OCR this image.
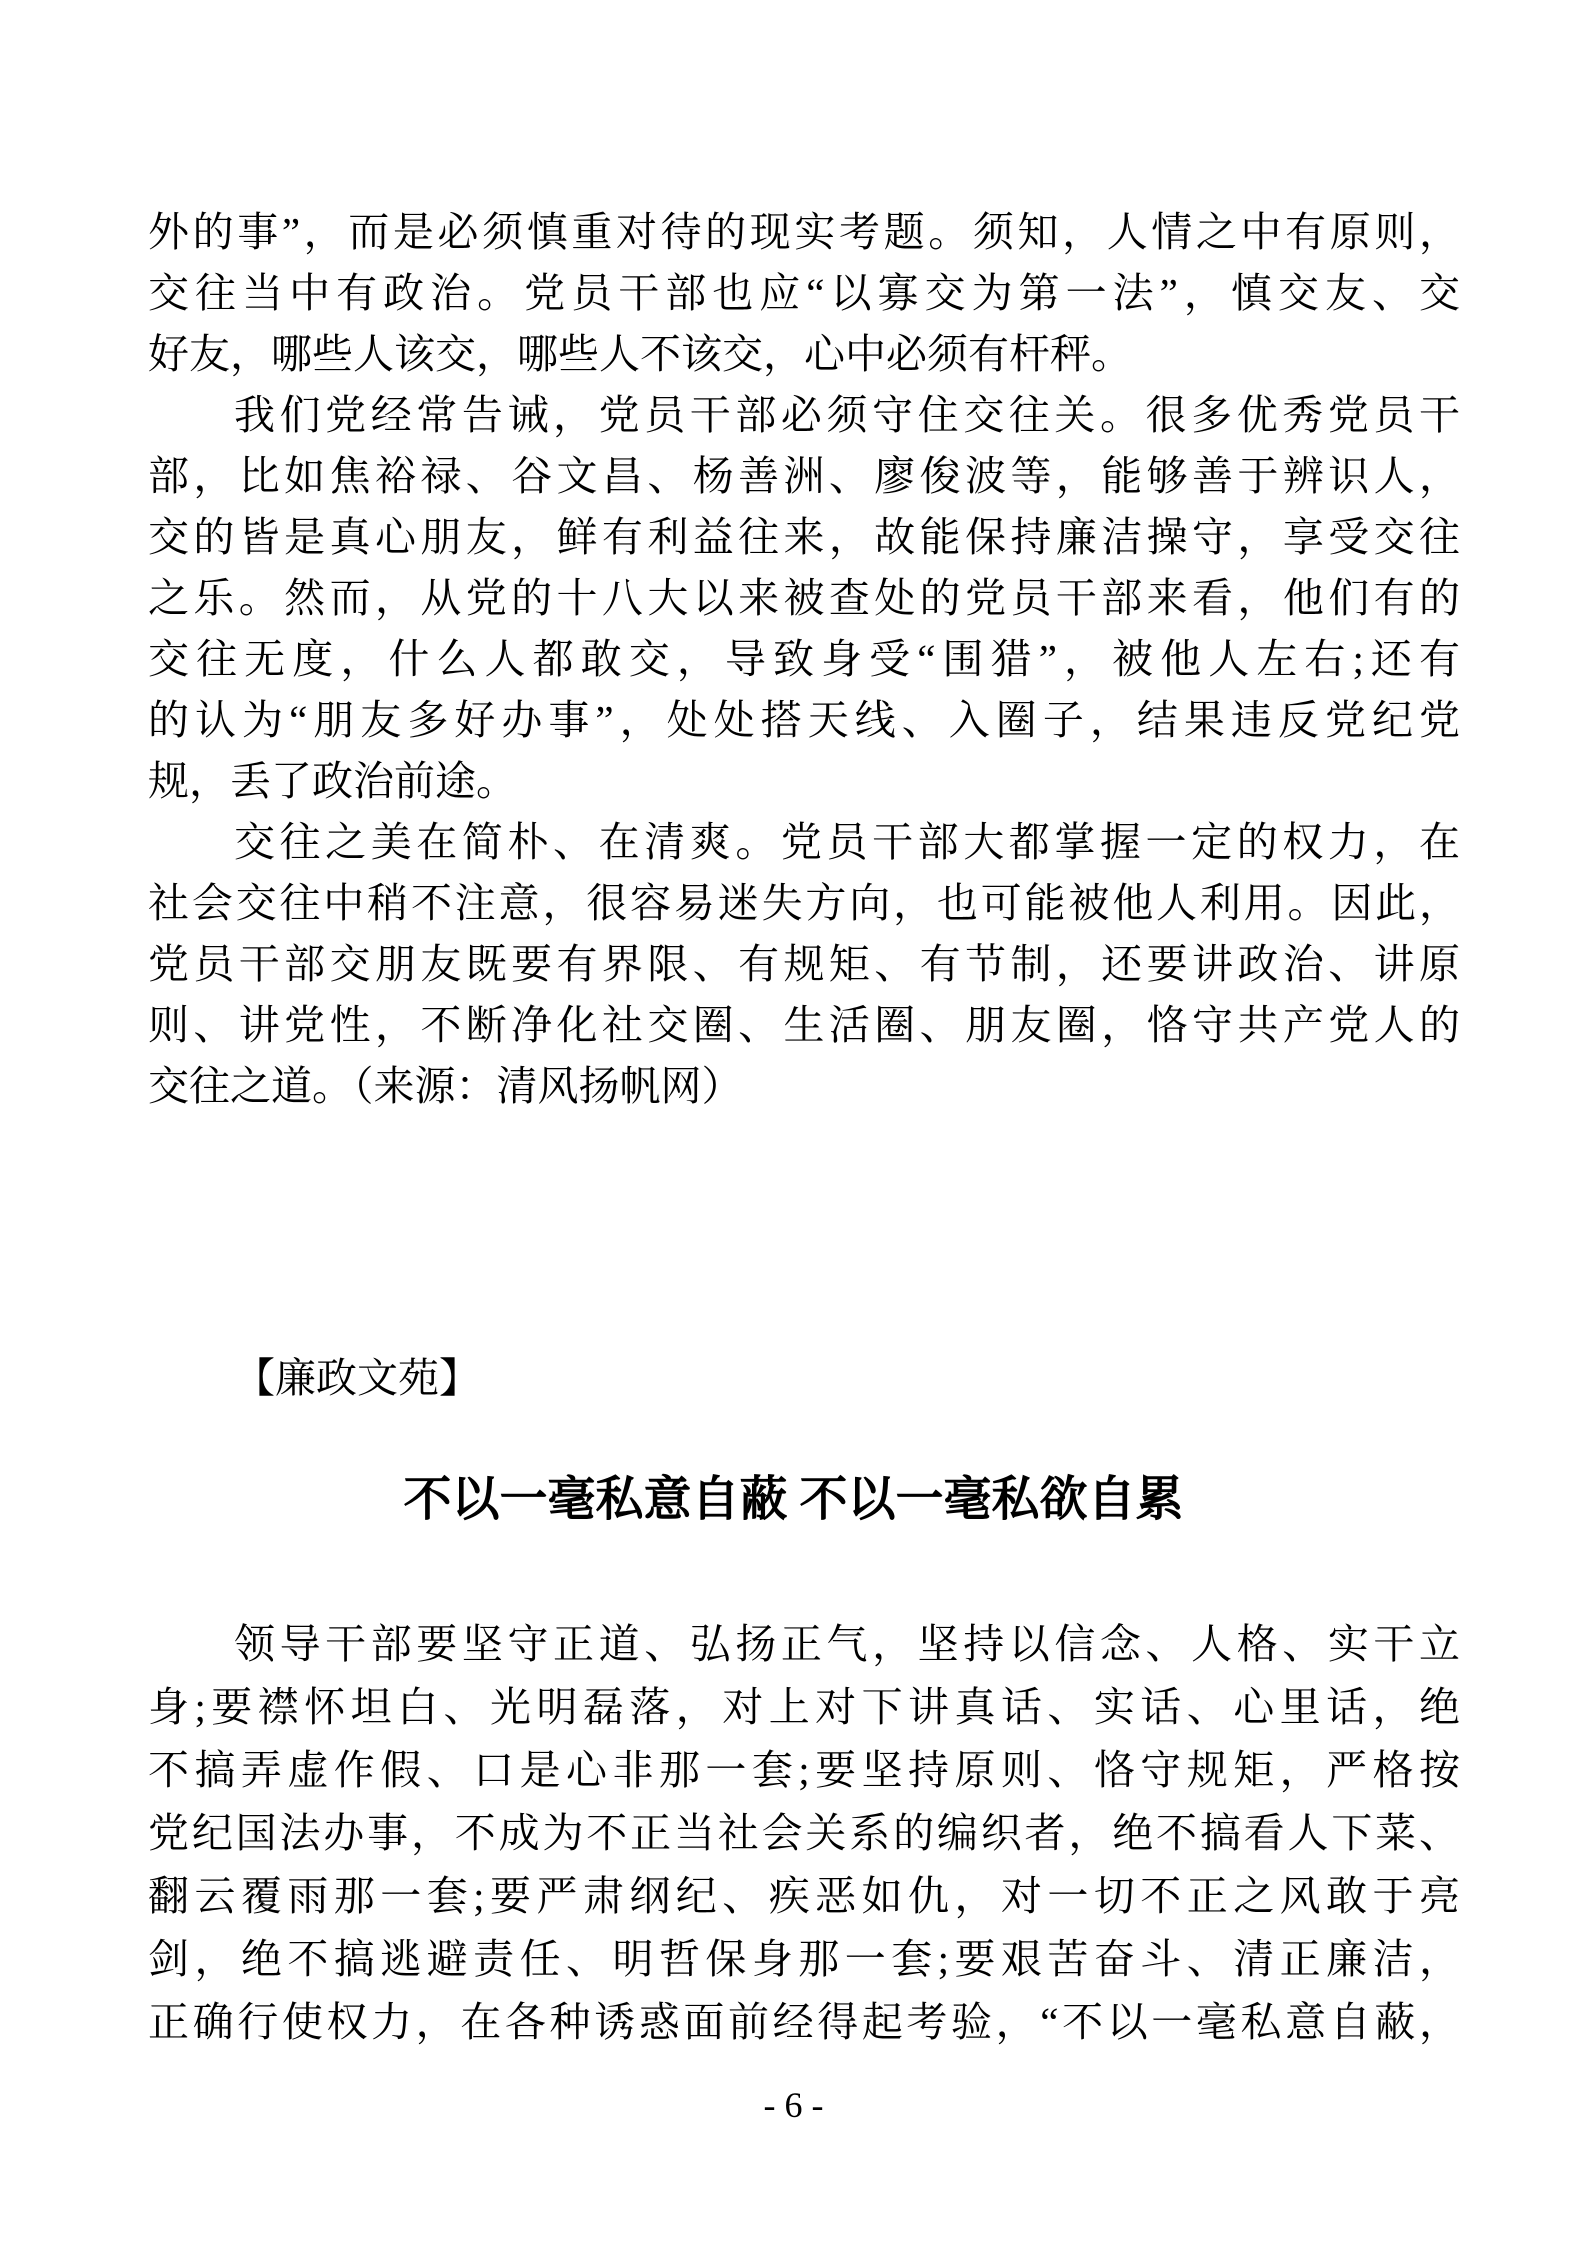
外的事”，而是必须慎重对待的现实考题。须知，人情之中有原则，
交往当中有政治。党员干部也应“以寡交为第一法”，慎交友、交
好友，哪些人该交，哪些人不该交，心中必须有杆秤。
我们党经常告诫，党员干部必须守住交往关。很多优秀党员干
部，比如焦裕禄、谷文昌、杨善洲、廖俊波等，能够善于辨识人，
交的皆是真心朋友，鲜有利益往来，故能保持廉洁操守，享受交往
之乐。然而，从党的十八大以来被查处的党员干部来看，他们有的
交往无度，什么人都敢交，导致身受“围猎”，被他人左右;还有
的认为“朋友多好办事”，处处搭天线、入圈子，结果违反党纪党
规，丢了政治前途。
交往之美在简朴、在清爽。党员干部大都掌握一定的权力，在
社会交往中稍不注意，很容易迷失方向，也可能被他人利用。因此，
党员干部交朋友既要有界限、有规矩、有节制，还要讲政治、讲原
则、讲党性，不断净化社交圈、生活圈、朋友圈，恪守共产党人的
交往之道。（来源：清风扬帆网）
【廉政文苑】
不以一毫私意自蔽 不以一毫私欲自累
领导干部要坚守正道、弘扬正气，坚持以信念、人格、实干立
身;要襟怀坦白、光明磊落，对上对下讲真话、实话、心里话，绝
不搞弄虚作假、口是心非那一套;要坚持原则、恪守规矩，严格按
党纪国法办事，不成为不正当社会关系的编织者，绝不搞看人下菜、
翻云覆雨那一套;要严肃纲纪、疾恶如仇，对一切不正之风敢于亮
剑，绝不搞逃避责任、明哲保身那一套;要艰苦奋斗、清正廉洁，
正确行使权力，在各种诱惑面前经得起考验，“不以一毫私意自蔽，
- 6 -
